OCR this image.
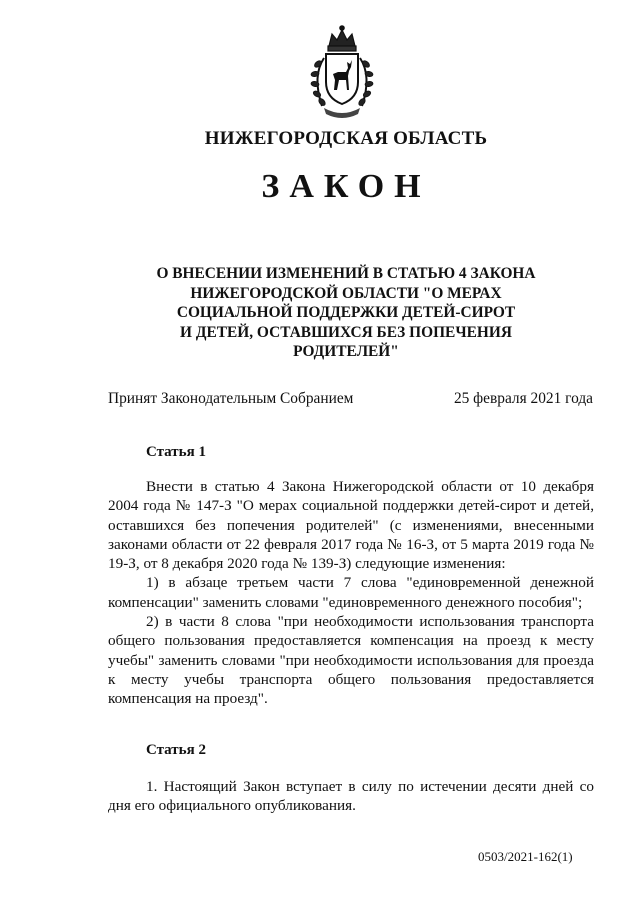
НИЖЕГОРОДСКАЯ ОБЛАСТЬ
ЗАКОН
О ВНЕСЕНИИ ИЗМЕНЕНИЙ В СТАТЬЮ 4 ЗАКОНА
НИЖЕГОРОДСКОЙ ОБЛАСТИ "О МЕРАХ
СОЦИАЛЬНОЙ ПОДДЕРЖКИ ДЕТЕЙ-СИРОТ
И ДЕТЕЙ, ОСТАВШИХСЯ БЕЗ ПОПЕЧЕНИЯ
РОДИТЕЛЕЙ"
Принят Законодательным Собранием	25 февраля 2021 года
Статья 1

Внести в статью 4 Закона Нижегородской области от 10 декабря 2004 года № 147-З "О мерах социальной поддержки детей-сирот и детей, оставшихся без попечения родителей" (с изменениями, внесенными законами области от 22 февраля 2017 года № 16-З, от 5 марта 2019 года № 19-З, от 8 декабря 2020 года № 139-З) следующие изменения:

1) в абзаце третьем части 7 слова "единовременной денежной компенсации" заменить словами "единовременного денежного пособия";

2) в части 8 слова "при необходимости использования транспорта общего пользования предоставляется компенсация на проезд к месту учебы" заменить словами "при необходимости использования для проезда к месту учебы транспорта общего пользования предоставляется компенсация на проезд".

Статья 2

1. Настоящий Закон вступает в силу по истечении десяти дней со дня его официального опубликования.

0503/2021-162(1)
